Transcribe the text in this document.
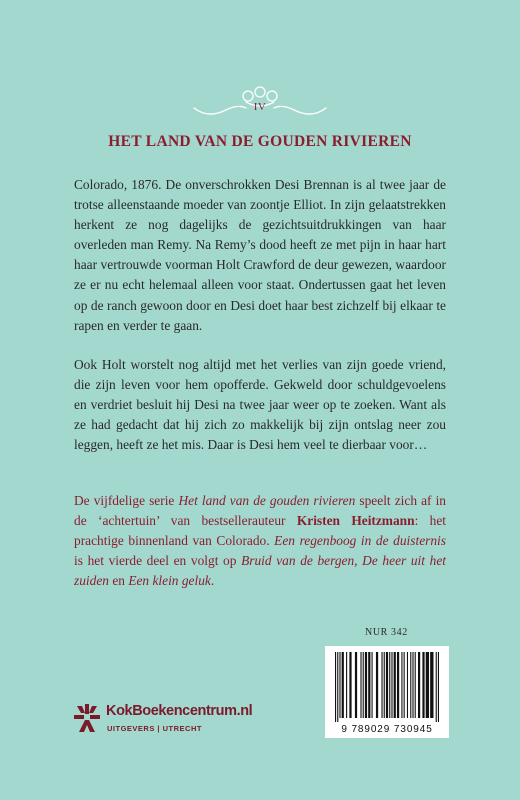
IV
HET LAND VAN DE GOUDEN RIVIEREN

Colorado, 1876. De onverschrokken Desi Brennan is al twee jaar de trotse alleenstaande moeder van zoontje Elliot. In zijn gelaatstrekken herkent ze nog dagelijks de gezichtsuitdrukkingen van haar overleden man Remy. Na Remy’s dood heeft ze met pijn in haar hart haar vertrouwde voorman Holt Crawford de deur gewezen, waardoor ze er nu echt helemaal alleen voor staat. Ondertussen gaat het leven op de ranch gewoon door en Desi doet haar best zichzelf bij elkaar te rapen en verder te gaan.

Ook Holt worstelt nog altijd met het verlies van zijn goede vriend, die zijn leven voor hem opofferde. Gekweld door schuldgevoelens en verdriet besluit hij Desi na twee jaar weer op te zoeken. Want als ze had gedacht dat hij zich zo makkelijk bij zijn ontslag neer zou leggen, heeft ze het mis. Daar is Desi hem veel te dierbaar voor…

De vijfdelige serie Het land van de gouden rivieren speelt zich af in de ‘achtertuin’ van bestsellerauteur Kristen Heitzmann: het prachtige binnenland van Colorado. Een regenboog in de duisternis is het vierde deel en volgt op Bruid van de bergen, De heer uit het zuiden en Een klein geluk.

NUR 342
9 789029 730945
KokBoekencentrum.nl
UITGEVERS | UTRECHT
